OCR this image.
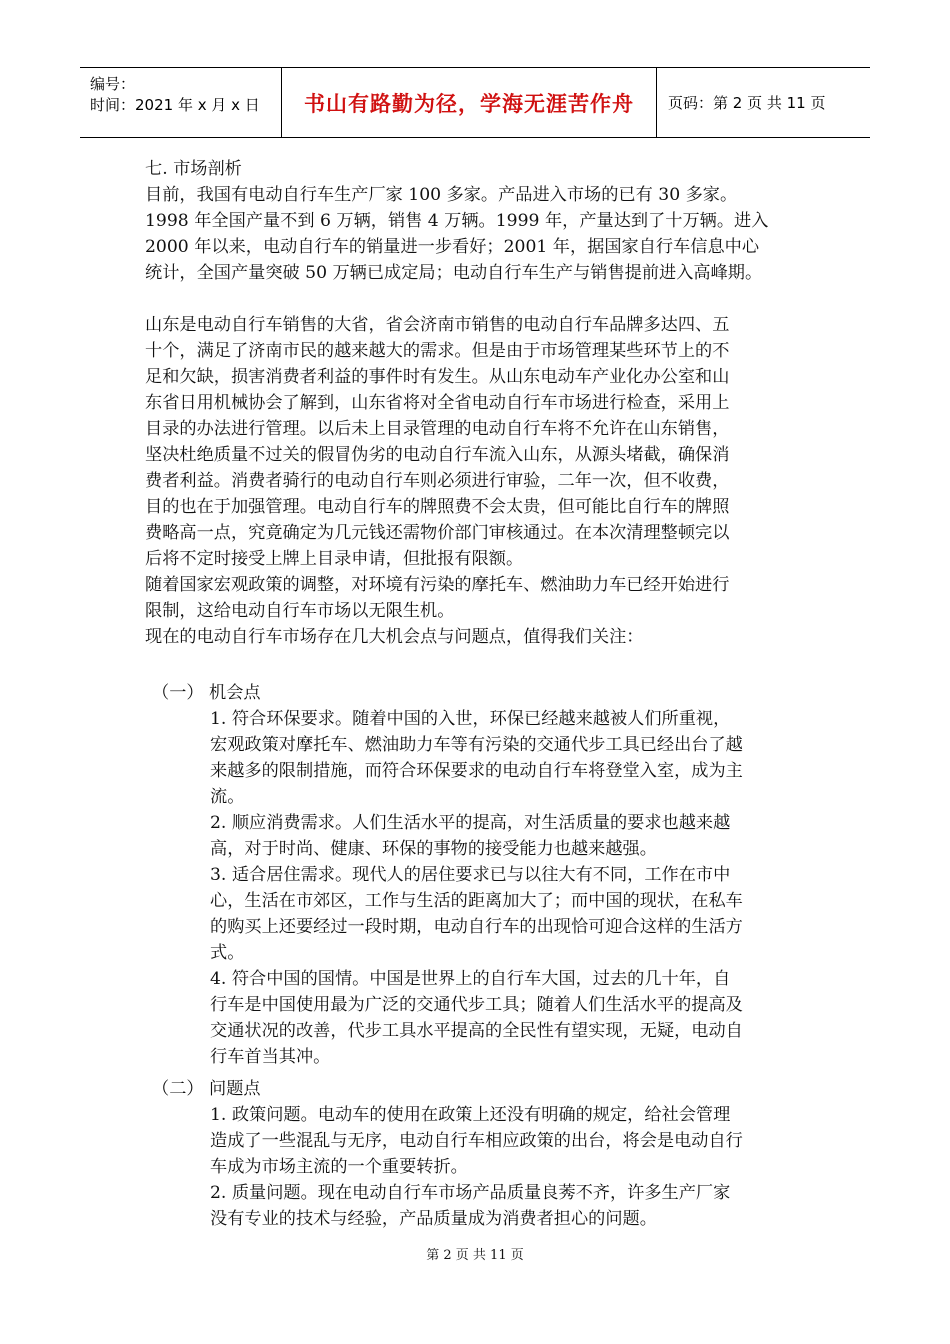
编号：
时间：2021 年 x 月 x 日	书山有路勤为径，学海无涯苦作舟	页码：第 2 页 共 11 页
七. 市场剖析
目前，我国有电动自行车生产厂家 100 多家。产品进入市场的已有 30 多家。
1998 年全国产量不到 6 万辆，销售 4 万辆。1999 年，产量达到了十万辆。进入
2000 年以来，电动自行车的销量进一步看好；2001 年，据国家自行车信息中心
统计，全国产量突破 50 万辆已成定局；电动自行车生产与销售提前进入高峰期。
山东是电动自行车销售的大省，省会济南市销售的电动自行车品牌多达四、五
十个，满足了济南市民的越来越大的需求。但是由于市场管理某些环节上的不
足和欠缺，损害消费者利益的事件时有发生。从山东电动车产业化办公室和山
东省日用机械协会了解到，山东省将对全省电动自行车市场进行检查，采用上
目录的办法进行管理。以后未上目录管理的电动自行车将不允许在山东销售，
坚决杜绝质量不过关的假冒伪劣的电动自行车流入山东，从源头堵截，确保消
费者利益。消费者骑行的电动自行车则必须进行审验，二年一次，但不收费，
目的也在于加强管理。电动自行车的牌照费不会太贵，但可能比自行车的牌照
费略高一点，究竟确定为几元钱还需物价部门审核通过。在本次清理整顿完以
后将不定时接受上牌上目录申请，但批报有限额。
随着国家宏观政策的调整，对环境有污染的摩托车、燃油助力车已经开始进行
限制，这给电动自行车市场以无限生机。
现在的电动自行车市场存在几大机会点与问题点，值得我们关注：
（一） 机会点
1. 符合环保要求。随着中国的入世，环保已经越来越被人们所重视，
宏观政策对摩托车、燃油助力车等有污染的交通代步工具已经出台了越
来越多的限制措施，而符合环保要求的电动自行车将登堂入室，成为主
流。
2. 顺应消费需求。人们生活水平的提高，对生活质量的要求也越来越
高，对于时尚、健康、环保的事物的接受能力也越来越强。
3. 适合居住需求。现代人的居住要求已与以往大有不同，工作在市中
心，生活在市郊区，工作与生活的距离加大了；而中国的现状，在私车
的购买上还要经过一段时期，电动自行车的出现恰可迎合这样的生活方
式。
4. 符合中国的国情。中国是世界上的自行车大国，过去的几十年，自
行车是中国使用最为广泛的交通代步工具；随着人们生活水平的提高及
交通状况的改善，代步工具水平提高的全民性有望实现，无疑，电动自
行车首当其冲。
（二） 问题点
1. 政策问题。电动车的使用在政策上还没有明确的规定，给社会管理
造成了一些混乱与无序，电动自行车相应政策的出台，将会是电动自行
车成为市场主流的一个重要转折。
2. 质量问题。现在电动自行车市场产品质量良莠不齐，许多生产厂家
没有专业的技术与经验，产品质量成为消费者担心的问题。
第 2 页 共 11 页
